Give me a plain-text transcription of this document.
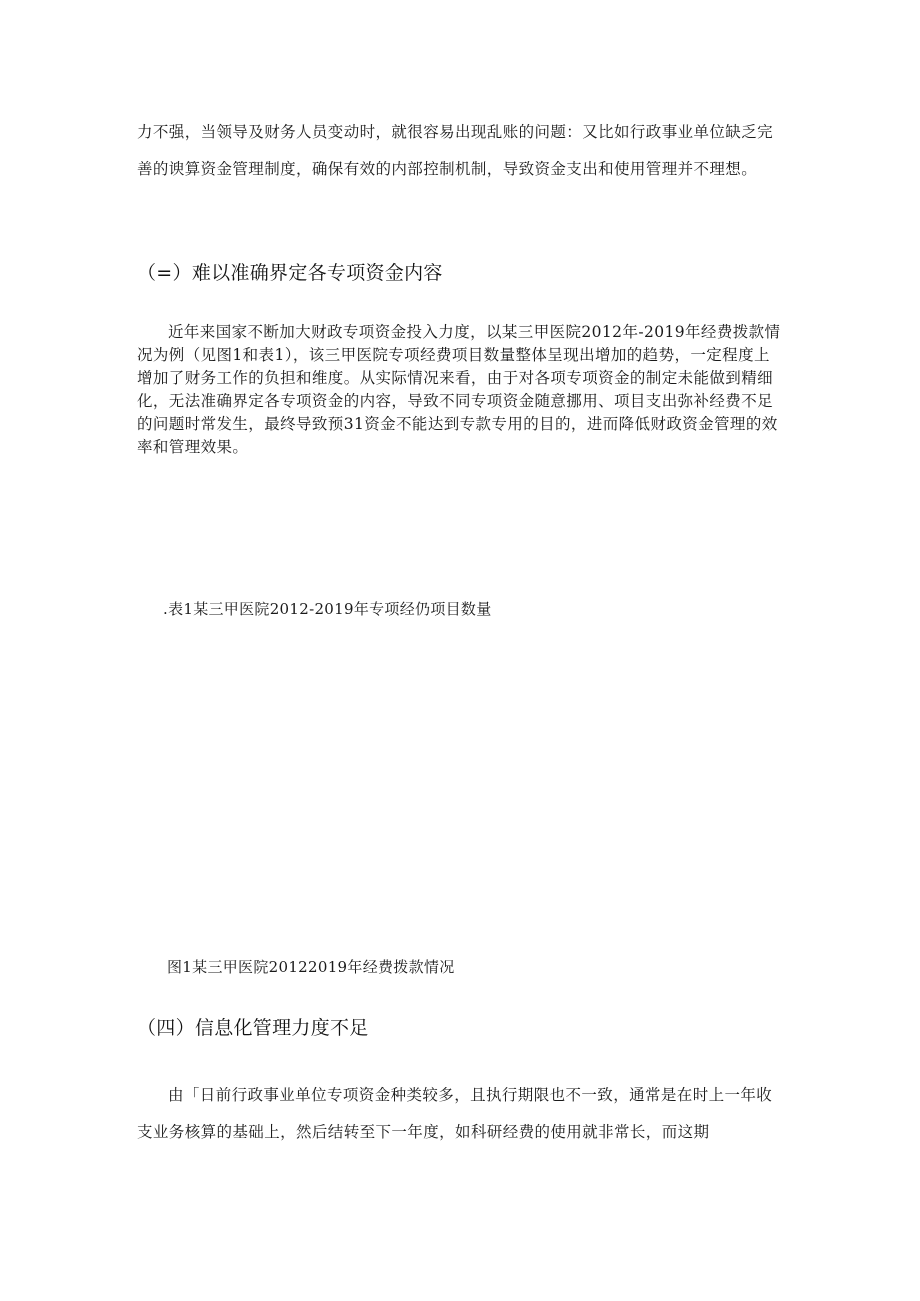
力不强，当领导及财务人员变动时，就很容易出现乱账的问题：又比如行政事业单位缺乏完善的谀算资金管理制度，确保有效的内部控制机制，导致资金支出和使用管理并不理想。

（=）难以准确界定各专项资金内容

近年来国家不断加大财政专项资金投入力度，以某三甲医院2012年-2019年经费拨款情况为例（见图1和表1），该三甲医院专项经费项目数量整体呈现出增加的趋势，一定程度上增加了财务工作的负担和维度。从实际情况来看，由于对各项专项资金的制定未能做到精细化，无法准确界定各专项资金的内容，导致不同专项资金随意挪用、项目支出弥补经费不足的问题时常发生，最终导致预31资金不能达到专款专用的目的，进而降低财政资金管理的效率和管理效果。

.表1某三甲医院2012-2019年专项经仍项目数量

图1某三甲医院20122019年经费拨款情况

（四）信息化管理力度不足

由「日前行政事业单位专项资金种类较多，且执行期限也不一致，通常是在时上一年收支业务核算的基础上，然后结转至下一年度，如科研经费的使用就非常长，而这期
